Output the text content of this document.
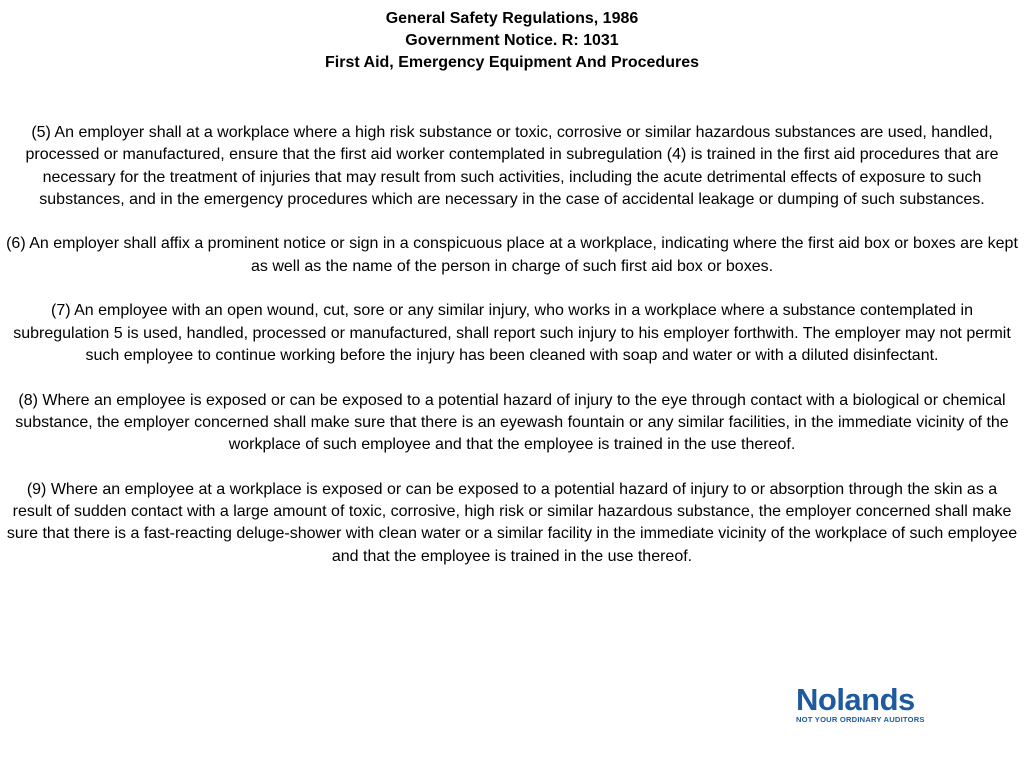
General Safety Regulations, 1986
Government Notice. R: 1031
First Aid, Emergency Equipment And Procedures

(5) An employer shall at a workplace where a high risk substance or toxic, corrosive or similar hazardous substances are used, handled, processed or manufactured, ensure that the first aid worker contemplated in subregulation (4) is trained in the first aid procedures that are necessary for the treatment of injuries that may result from such activities, including the acute detrimental effects of exposure to such substances, and in the emergency procedures which are necessary in the case of accidental leakage or dumping of such substances.

(6) An employer shall affix a prominent notice or sign in a conspicuous place at a workplace, indicating where the first aid box or boxes are kept as well as the name of the person in charge of such first aid box or boxes.

(7) An employee with an open wound, cut, sore or any similar injury, who works in a workplace where a substance contemplated in subregulation 5 is used, handled, processed or manufactured, shall report such injury to his employer forthwith. The employer may not permit such employee to continue working before the injury has been cleaned with soap and water or with a diluted disinfectant.

(8) Where an employee is exposed or can be exposed to a potential hazard of injury to the eye through contact with a biological or chemical substance, the employer concerned shall make sure that there is an eyewash fountain or any similar facilities, in the immediate vicinity of the workplace of such employee and that the employee is trained in the use thereof.

(9) Where an employee at a workplace is exposed or can be exposed to a potential hazard of injury to or absorption through the skin as a result of sudden contact with a large amount of toxic, corrosive, high risk or similar hazardous substance, the employer concerned shall make sure that there is a fast-reacting deluge-shower with clean water or a similar facility in the immediate vicinity of the workplace of such employee and that the employee is trained in the use thereof.

Nolands
NOT YOUR ORDINARY AUDITORS
